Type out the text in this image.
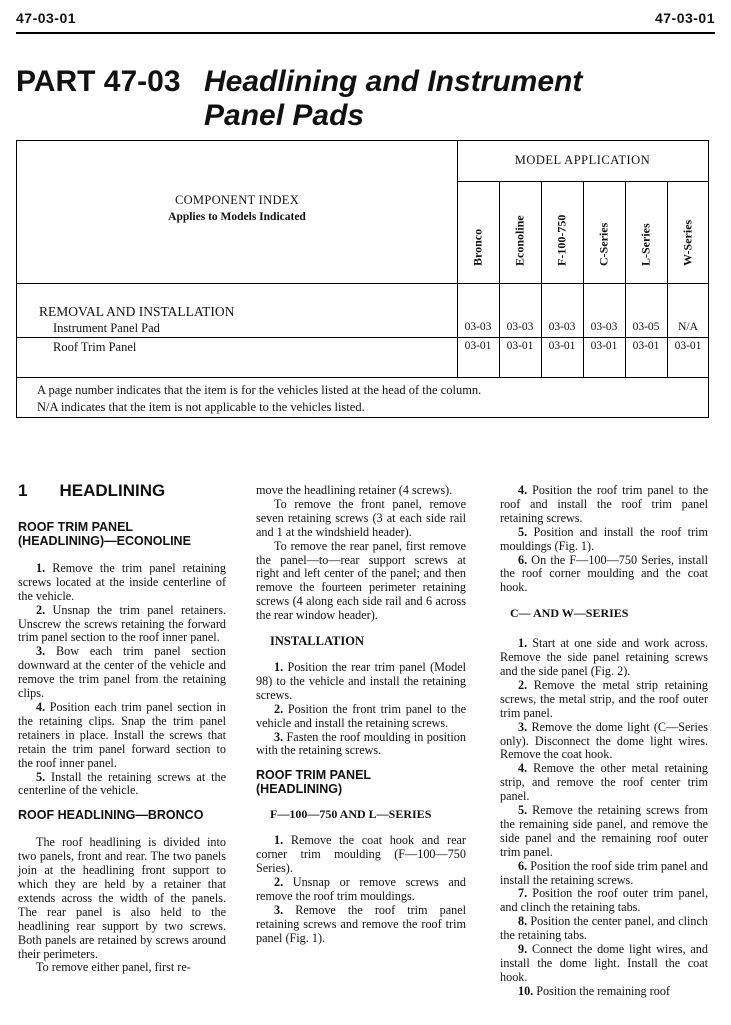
47-03-01	47-03-01
PART 47-03 Headlining and Instrument
Panel Pads
COMPONENT INDEX
Applies to Models Indicated
MODEL APPLICATION
Bronco Econoline F-100-750 C-Series L-Series W-Series
REMOVAL AND INSTALLATION
Instrument Panel Pad	03-03	03-03	03-03	03-03	03-05	N/A
Roof Trim Panel	03-01	03-01	03-01	03-01	03-01	03-01
A page number indicates that the item is for the vehicles listed at the head of the column.
N/A indicates that the item is not applicable to the vehicles listed.
1 HEADLINING
ROOF TRIM PANEL
(HEADLINING)—ECONOLINE

1. Remove the trim panel retaining screws located at the inside centerline of the vehicle.

2. Unsnap the trim panel retainers. Unscrew the screws retaining the forward trim panel section to the roof inner panel.

3. Bow each trim panel section downward at the center of the vehicle and remove the trim panel from the retaining clips.

4. Position each trim panel section in the retaining clips. Snap the trim panel retainers in place. Install the screws that retain the trim panel forward section to the roof inner panel.

5. Install the retaining screws at the centerline of the vehicle.

ROOF HEADLINING—BRONCO

The roof headlining is divided into two panels, front and rear. The two panels join at the headlining front support to which they are held by a retainer that extends across the width of the panels. The rear panel is also held to the headlining rear support by two screws. Both panels are retained by screws around their perimeters.

To remove either panel, first re-

move the headlining retainer (4 screws).

To remove the front panel, remove seven retaining screws (3 at each side rail and 1 at the windshield header).

To remove the rear panel, first remove the panel—to—rear support screws at right and left center of the panel; and then remove the fourteen perimeter retaining screws (4 along each side rail and 6 across the rear window header).

INSTALLATION

1. Position the rear trim panel (Model 98) to the vehicle and install the retaining screws.

2. Position the front trim panel to the vehicle and install the retaining screws.

3. Fasten the roof moulding in position with the retaining screws.

ROOF TRIM PANEL
(HEADLINING)
F—100—750 AND L—SERIES

1. Remove the coat hook and rear corner trim moulding (F—100—750 Series).

2. Unsnap or remove screws and remove the roof trim mouldings.

3. Remove the roof trim panel retaining screws and remove the roof trim panel (Fig. 1).

4. Position the roof trim panel to the roof and install the roof trim panel retaining screws.

5. Position and install the roof trim mouldings (Fig. 1).

6. On the F—100—750 Series, install the roof corner moulding and the coat hook.

C— AND W—SERIES

1. Start at one side and work across. Remove the side panel retaining screws and the side panel (Fig. 2).

2. Remove the metal strip retaining screws, the metal strip, and the roof outer trim panel.

3. Remove the dome light (C—Series only). Disconnect the dome light wires. Remove the coat hook.

4. Remove the other metal retaining strip, and remove the roof center trim panel.

5. Remove the retaining screws from the remaining side panel, and remove the side panel and the remaining roof outer trim panel.

6. Position the roof side trim panel and install the retaining screws.

7. Position the roof outer trim panel, and clinch the retaining tabs.

8. Position the center panel, and clinch the retaining tabs.

9. Connect the dome light wires, and install the dome light. Install the coat hook.

10. Position the remaining roof
